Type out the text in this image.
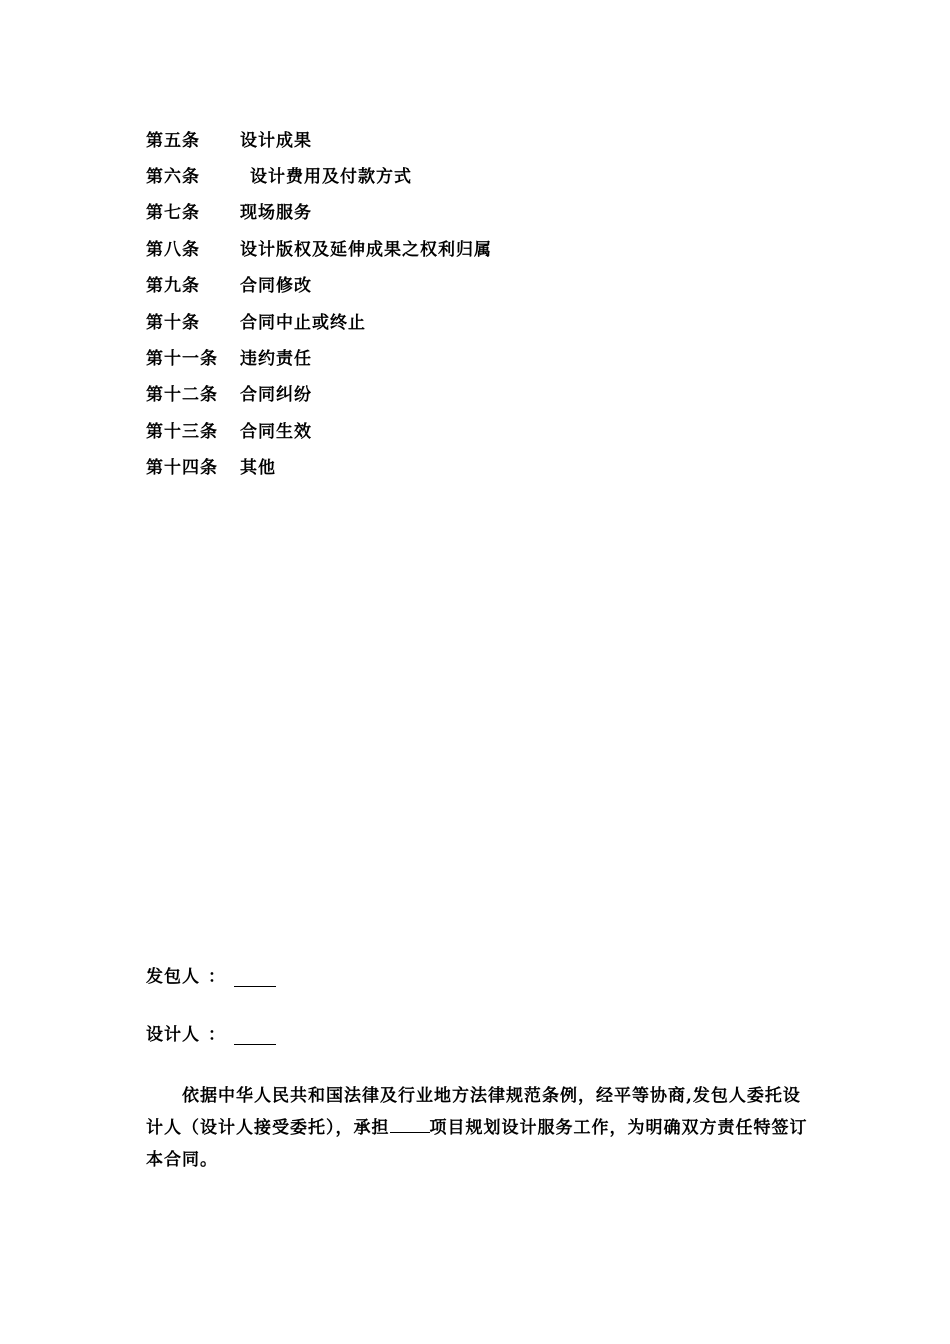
第五条	设计成果
第六条	设计费用及付款方式
第七条	现场服务
第八条	设计版权及延伸成果之权利归属
第九条	合同修改
第十条	合同中止或终止
第十一条	违约责任
第十二条	合同纠纷
第十三条	合同生效
第十四条	其他
发包人 ：
设计人 ：

依据中华人民共和国法律及行业地方法律规范条例，经平等协商,发包人委托设计人（设计人接受委托），承担 项目规划设计服务工作，为明确双方责任特签订本合同。
